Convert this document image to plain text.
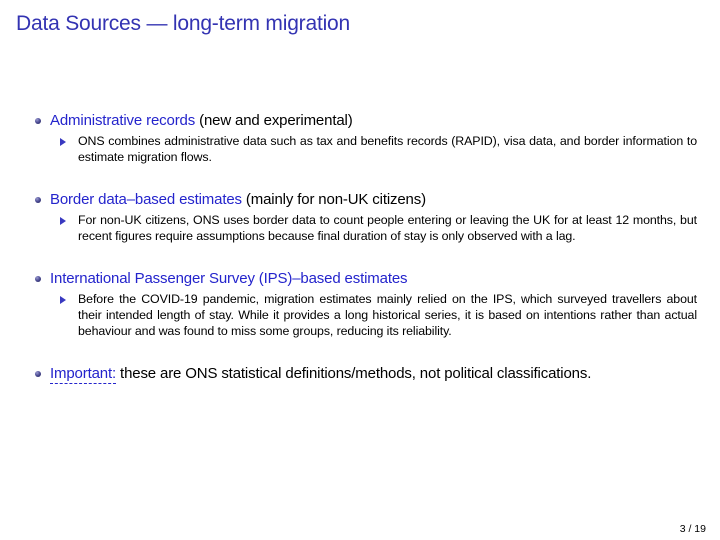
Data Sources — long-term migration
Administrative records (new and experimental)
ONS combines administrative data such as tax and benefits records (RAPID), visa data, and border information to estimate migration flows.
Border data–based estimates (mainly for non-UK citizens)
For non-UK citizens, ONS uses border data to count people entering or leaving the UK for at least 12 months, but recent figures require assumptions because final duration of stay is only observed with a lag.
International Passenger Survey (IPS)–based estimates
Before the COVID-19 pandemic, migration estimates mainly relied on the IPS, which surveyed travellers about their intended length of stay. While it provides a long historical series, it is based on intentions rather than actual behaviour and was found to miss some groups, reducing its reliability.
Important: these are ONS statistical definitions/methods, not political classifications.
3 / 19
